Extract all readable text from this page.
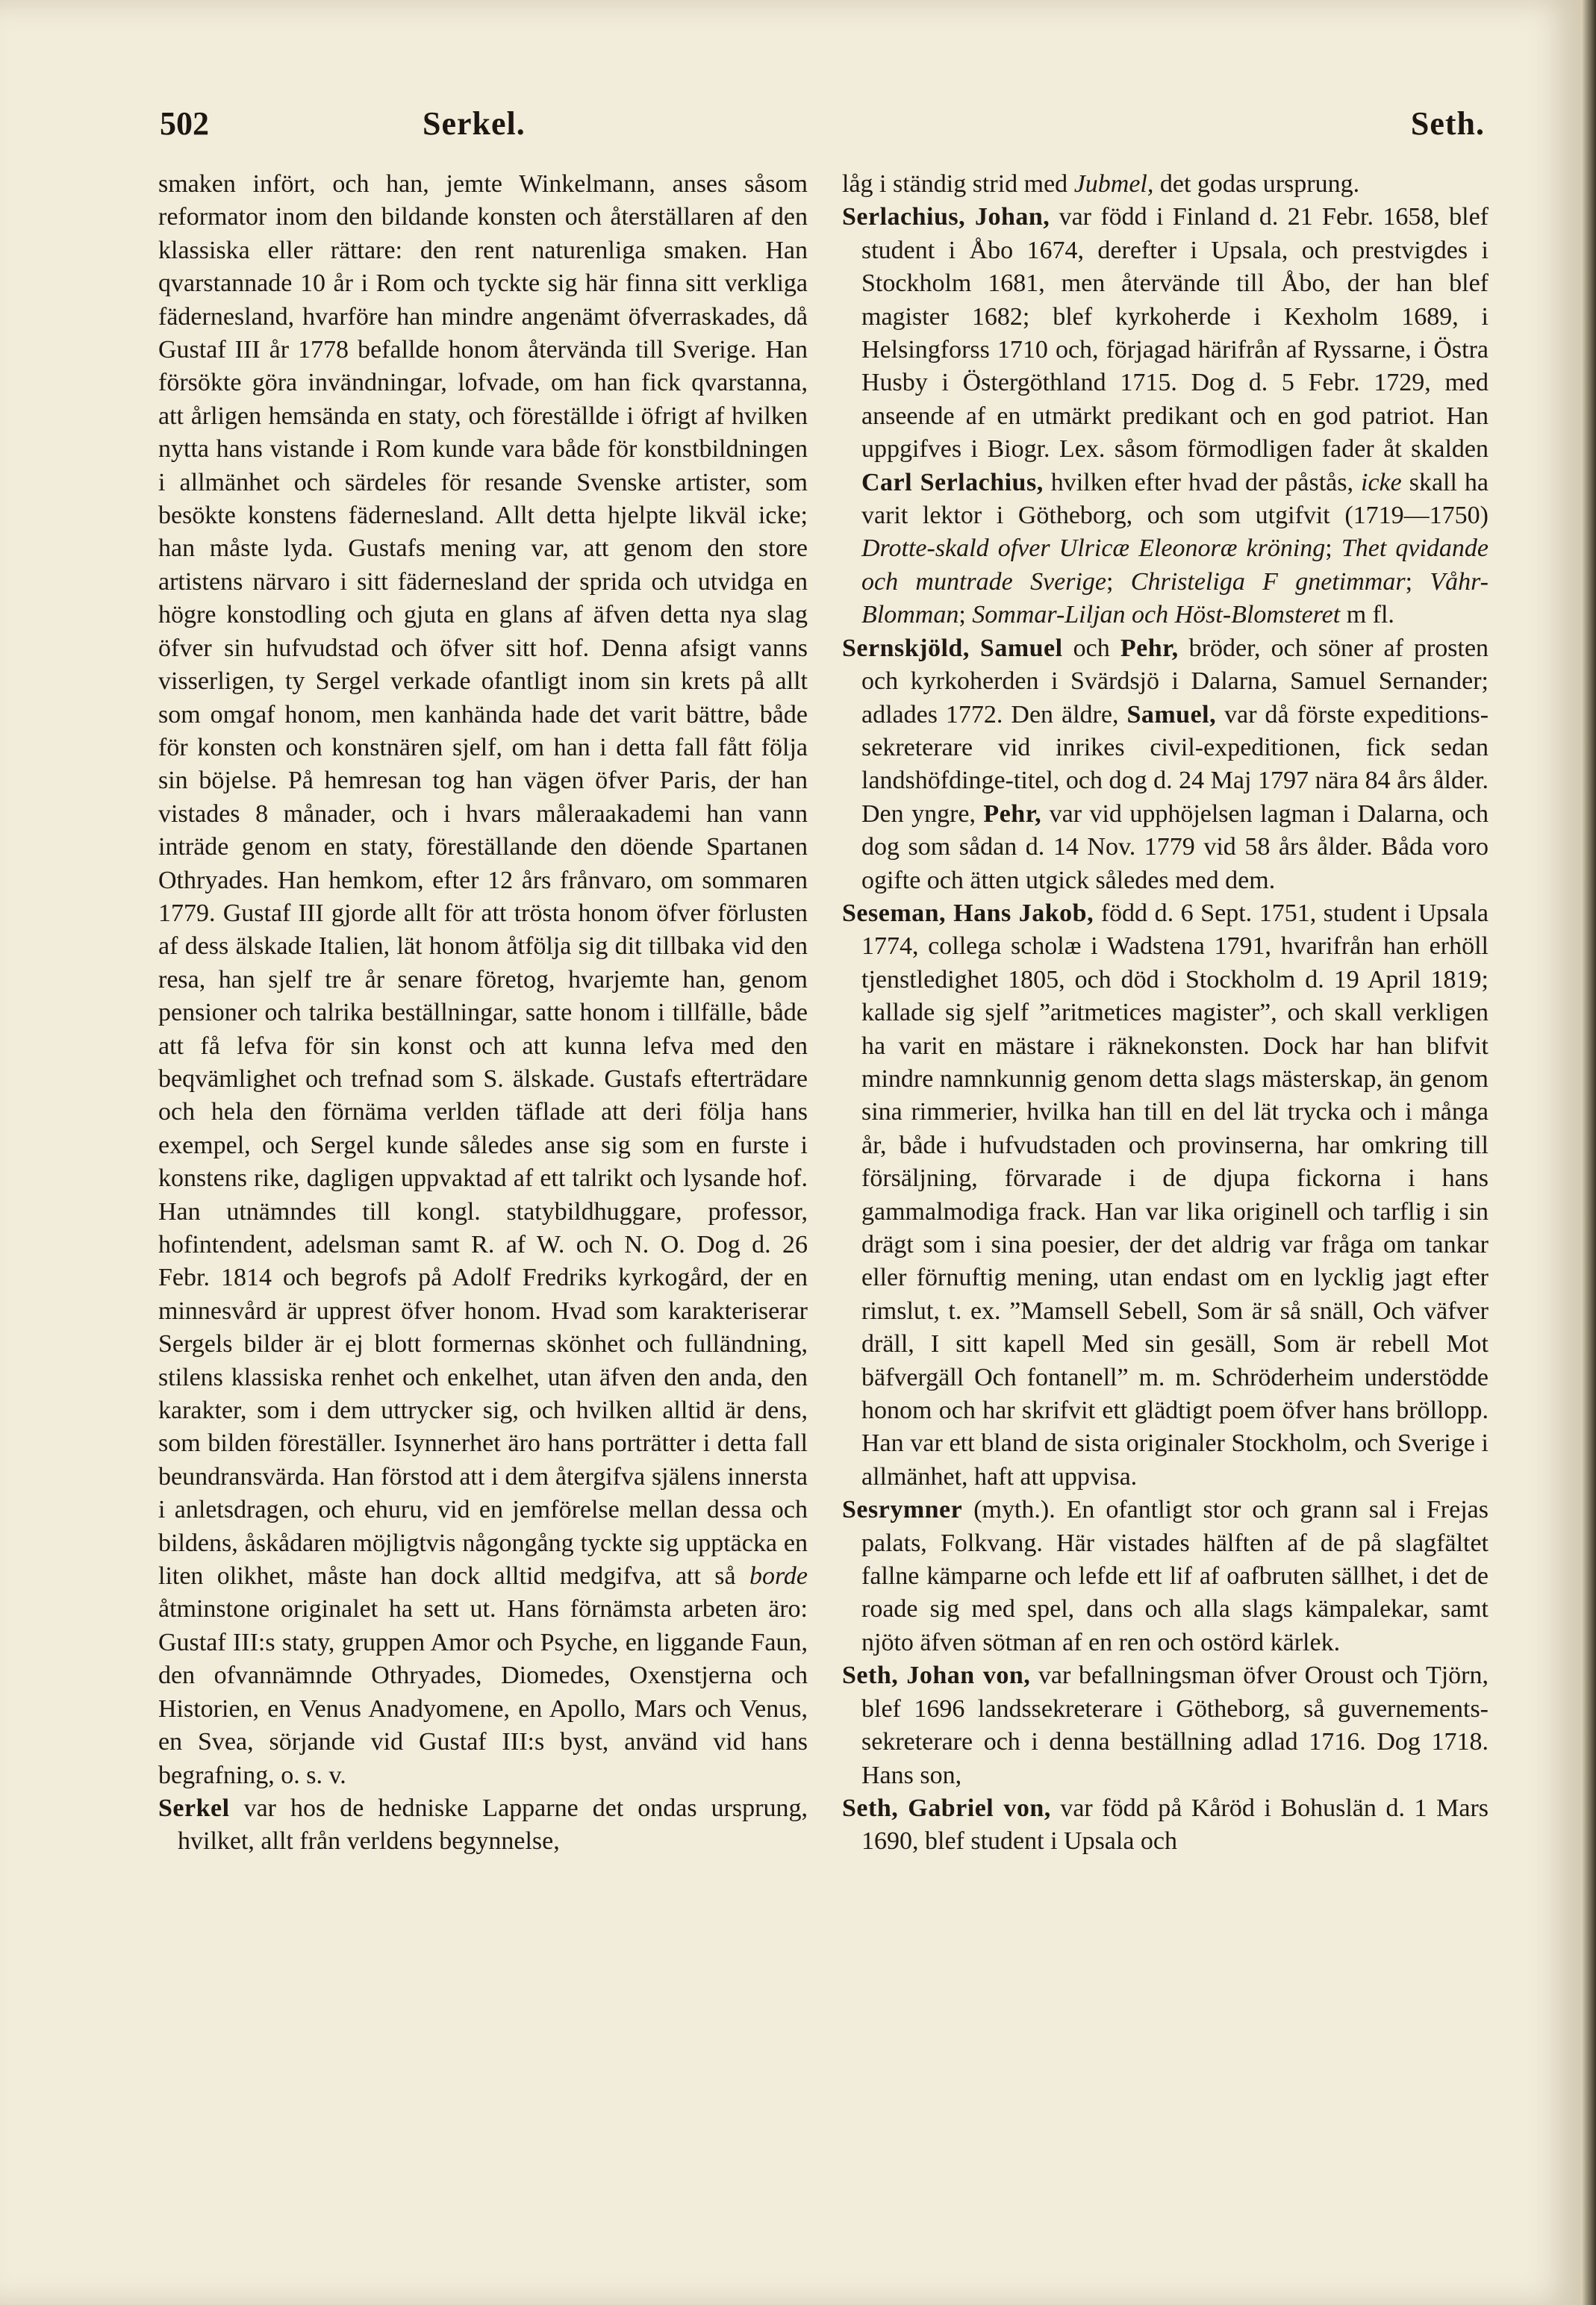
502	Serkel.	Seth.

smaken infört, och han, jemte Winkelmann, anses såsom reformator inom den bildande konsten och återställaren af den klassiska eller rättare: den rent naturenliga smaken. Han qvarstannade 10 år i Rom och tyckte sig här finna sitt verkliga fädernesland, hvarföre han mindre angenämt öfverraskades, då Gustaf III år 1778 befallde honom återvända till Sverige. Han försökte göra invändningar, lofvade, om han fick qvarstanna, att årligen hemsända en staty, och föreställde i öfrigt af hvilken nytta hans vistande i Rom kunde vara både för konstbildningen i allmänhet och särdeles för resande Svenske artister, som besökte konstens fädernesland. Allt detta hjelpte likväl icke; han måste lyda. Gustafs mening var, att genom den store artistens närvaro i sitt fädernesland der sprida och utvidga en högre konstodling och gjuta en glans af äfven detta nya slag öfver sin hufvudstad och öfver sitt hof. Denna afsigt vanns visserligen, ty Sergel verkade ofantligt inom sin krets på allt som omgaf honom, men kanhända hade det varit bättre, både för konsten och konstnären sjelf, om han i detta fall fått följa sin böjelse. På hemresan tog han vägen öfver Paris, der han vistades 8 månader, och i hvars måleraakademi han vann inträde genom en staty, föreställande den döende Spartanen Othryades. Han hemkom, efter 12 års frånvaro, om sommaren 1779. Gustaf III gjorde allt för att trösta honom öfver förlusten af dess älskade Italien, lät honom åtfölja sig dit tillbaka vid den resa, han sjelf tre år senare företog, hvarjemte han, genom pensioner och talrika beställningar, satte honom i tillfälle, både att få lefva för sin konst och att kunna lefva med den beqvämlighet och trefnad som S. älskade. Gustafs efterträdare och hela den förnäma verlden täflade att deri följa hans exempel, och Sergel kunde således anse sig som en furste i konstens rike, dagligen uppvaktad af ett talrikt och lysande hof. Han utnämndes till kongl. statybildhuggare, professor, hofintendent, adelsman samt R. af W. och N. O. Dog d. 26 Febr. 1814 och begrofs på Adolf Fredriks kyrkogård, der en minnesvård är upprest öfver honom. Hvad som karakteriserar Sergels bilder är ej blott formernas skönhet och fulländning, stilens klassiska renhet och enkelhet, utan äfven den anda, den karakter, som i dem uttrycker sig, och hvilken alltid är dens, som bilden föreställer. Isynnerhet äro hans porträtter i detta fall beundransvärda. Han förstod att i dem återgifva själens innersta i anletsdragen, och ehuru, vid en jemförelse mellan dessa och bildens, åskådaren möjligtvis någongång tyckte sig upptäcka en liten olikhet, måste han dock alltid medgifva, att så borde åtminstone originalet ha sett ut. Hans förnämsta arbeten äro: Gustaf III:s staty, gruppen Amor och Psyche, en liggande Faun, den ofvannämnde Othryades, Diomedes, Oxenstjerna och Historien, en Venus Anadyomene, en Apollo, Mars och Venus, en Svea, sörjande vid Gustaf III:s byst, använd vid hans begrafning, o. s. v.

Serkel var hos de hedniske Lapparne det ondas ursprung, hvilket, allt från verldens begynnelse,

låg i ständig strid med Jubmel, det godas ursprung.

Serlachius, Johan, var född i Finland d. 21 Febr. 1658, blef student i Åbo 1674, derefter i Upsala, och prestvigdes i Stockholm 1681, men återvände till Åbo, der han blef magister 1682; blef kyrkoherde i Kexholm 1689, i Helsingforss 1710 och, förjagad härifrån af Ryssarne, i Östra Husby i Östergöthland 1715. Dog d. 5 Febr. 1729, med anseende af en utmärkt predikant och en god patriot. Han uppgifves i Biogr. Lex. såsom förmodligen fader åt skalden Carl Serlachius, hvilken efter hvad der påstås, icke skall ha varit lektor i Götheborg, och som utgifvit (1719—1750) Drotte-skald ofver Ulricæ Eleonoræ kröning; Thet qvidande och muntrade Sverige; Christeliga F gnetimmar; Våhr-Blomman; Sommar-Liljan och Höst-Blomsteret m fl.

Sernskjöld, Samuel och Pehr, bröder, och söner af prosten och kyrkoherden i Svärdsjö i Dalarna, Samuel Sernander; adlades 1772. Den äldre, Samuel, var då förste expeditions-sekreterare vid inrikes civil-expeditionen, fick sedan landshöfdinge-titel, och dog d. 24 Maj 1797 nära 84 års ålder. Den yngre, Pehr, var vid upphöjelsen lagman i Dalarna, och dog som sådan d. 14 Nov. 1779 vid 58 års ålder. Båda voro ogifte och ätten utgick således med dem.

Seseman, Hans Jakob, född d. 6 Sept. 1751, student i Upsala 1774, collega scholæ i Wadstena 1791, hvarifrån han erhöll tjenstledighet 1805, och död i Stockholm d. 19 April 1819; kallade sig sjelf ”aritmetices magister”, och skall verkligen ha varit en mästare i räknekonsten. Dock har han blifvit mindre namnkunnig genom detta slags mästerskap, än genom sina rimmerier, hvilka han till en del lät trycka och i många år, både i hufvudstaden och provinserna, har omkring till försäljning, förvarade i de djupa fickorna i hans gammalmodiga frack. Han var lika originell och tarflig i sin drägt som i sina poesier, der det aldrig var fråga om tankar eller förnuftig mening, utan endast om en lycklig jagt efter rimslut, t. ex. ”Mamsell Sebell, Som är så snäll, Och väfver dräll, I sitt kapell Med sin gesäll, Som är rebell Mot bäfvergäll Och fontanell” m. m. Schröderheim understödde honom och har skrifvit ett glädtigt poem öfver hans bröllopp. Han var ett bland de sista originaler Stockholm, och Sverige i allmänhet, haft att uppvisa.

Sesrymner (myth.). En ofantligt stor och grann sal i Frejas palats, Folkvang. Här vistades hälften af de på slagfältet fallne kämparne och lefde ett lif af oafbruten sällhet, i det de roade sig med spel, dans och alla slags kämpalekar, samt njöto äfven sötman af en ren och ostörd kärlek.

Seth, Johan von, var befallningsman öfver Oroust och Tjörn, blef 1696 landssekreterare i Götheborg, så guvernements-sekreterare och i denna beställning adlad 1716. Dog 1718. Hans son,

Seth, Gabriel von, var född på Kåröd i Bohuslän d. 1 Mars 1690, blef student i Upsala och
